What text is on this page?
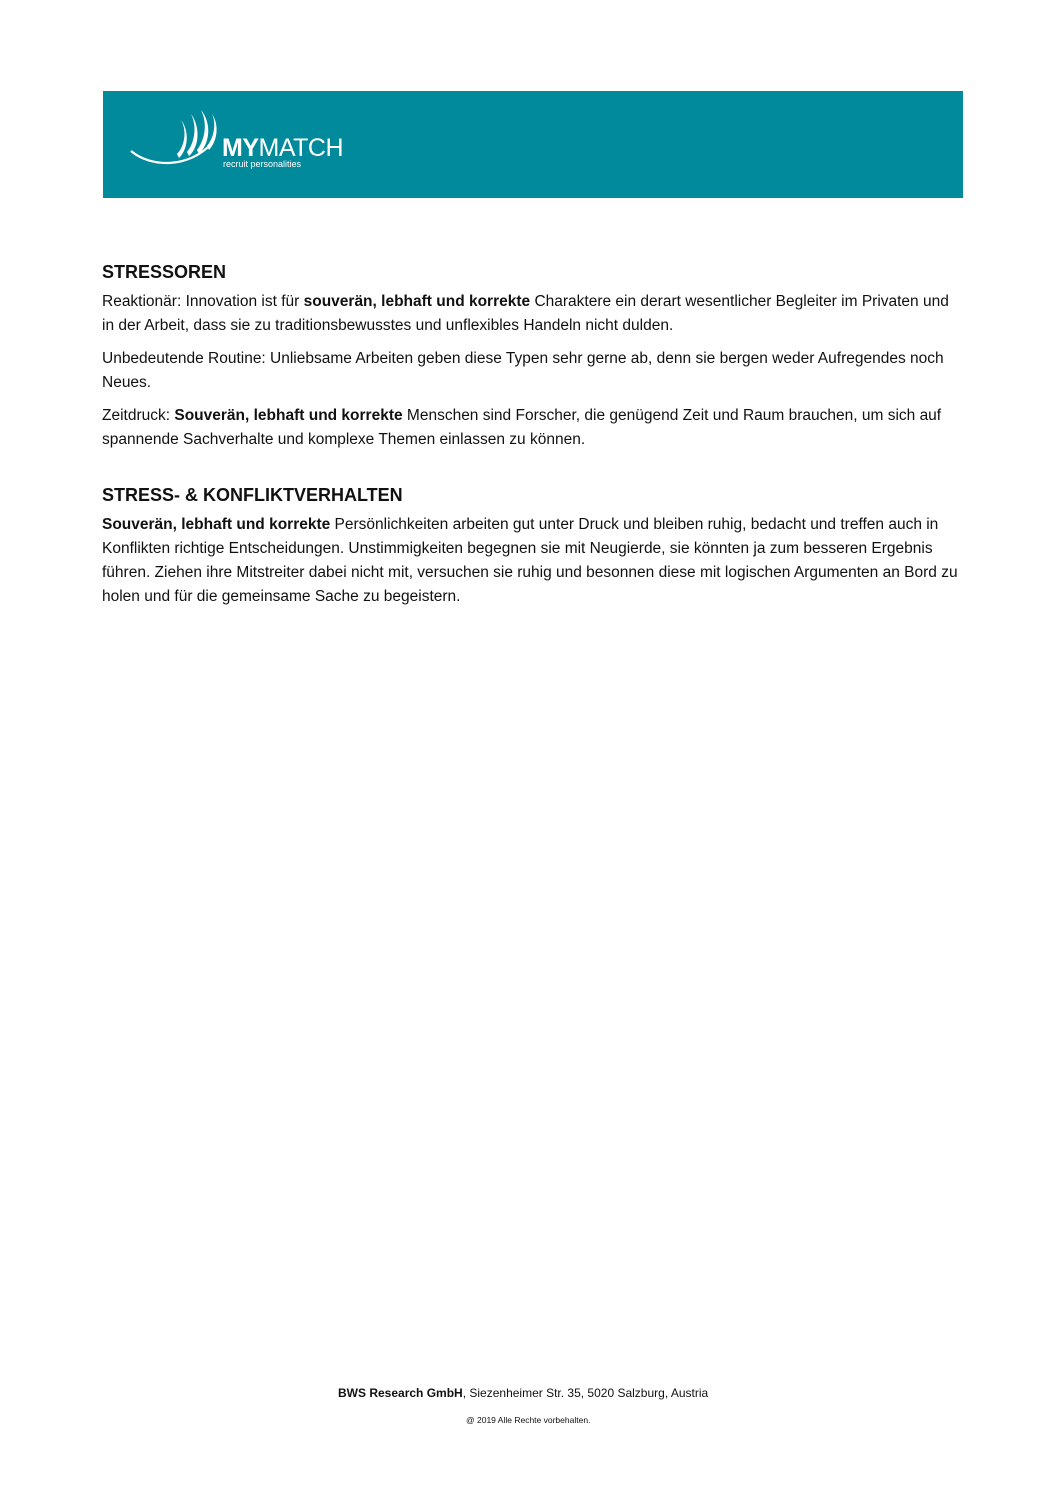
MYMATCH
recruit personalities
STRESSOREN

Reaktionär: Innovation ist für souverän, lebhaft und korrekte Charaktere ein derart wesentlicher Begleiter im Privaten und in der Arbeit, dass sie zu traditionsbewusstes und unflexibles Handeln nicht dulden.

Unbedeutende Routine: Unliebsame Arbeiten geben diese Typen sehr gerne ab, denn sie bergen weder Aufregendes noch Neues.

Zeitdruck: Souverän, lebhaft und korrekte Menschen sind Forscher, die genügend Zeit und Raum brauchen, um sich auf spannende Sachverhalte und komplexe Themen einlassen zu können.

STRESS- & KONFLIKTVERHALTEN

Souverän, lebhaft und korrekte Persönlichkeiten arbeiten gut unter Druck und bleiben ruhig, bedacht und treffen auch in Konflikten richtige Entscheidungen. Unstimmigkeiten begegnen sie mit Neugierde, sie könnten ja zum besseren Ergebnis führen. Ziehen ihre Mitstreiter dabei nicht mit, versuchen sie ruhig und besonnen diese mit logischen Argumenten an Bord zu holen und für die gemeinsame Sache zu begeistern.

BWS Research GmbH, Siezenheimer Str. 35, 5020 Salzburg, Austria
@ 2019 Alle Rechte vorbehalten.
